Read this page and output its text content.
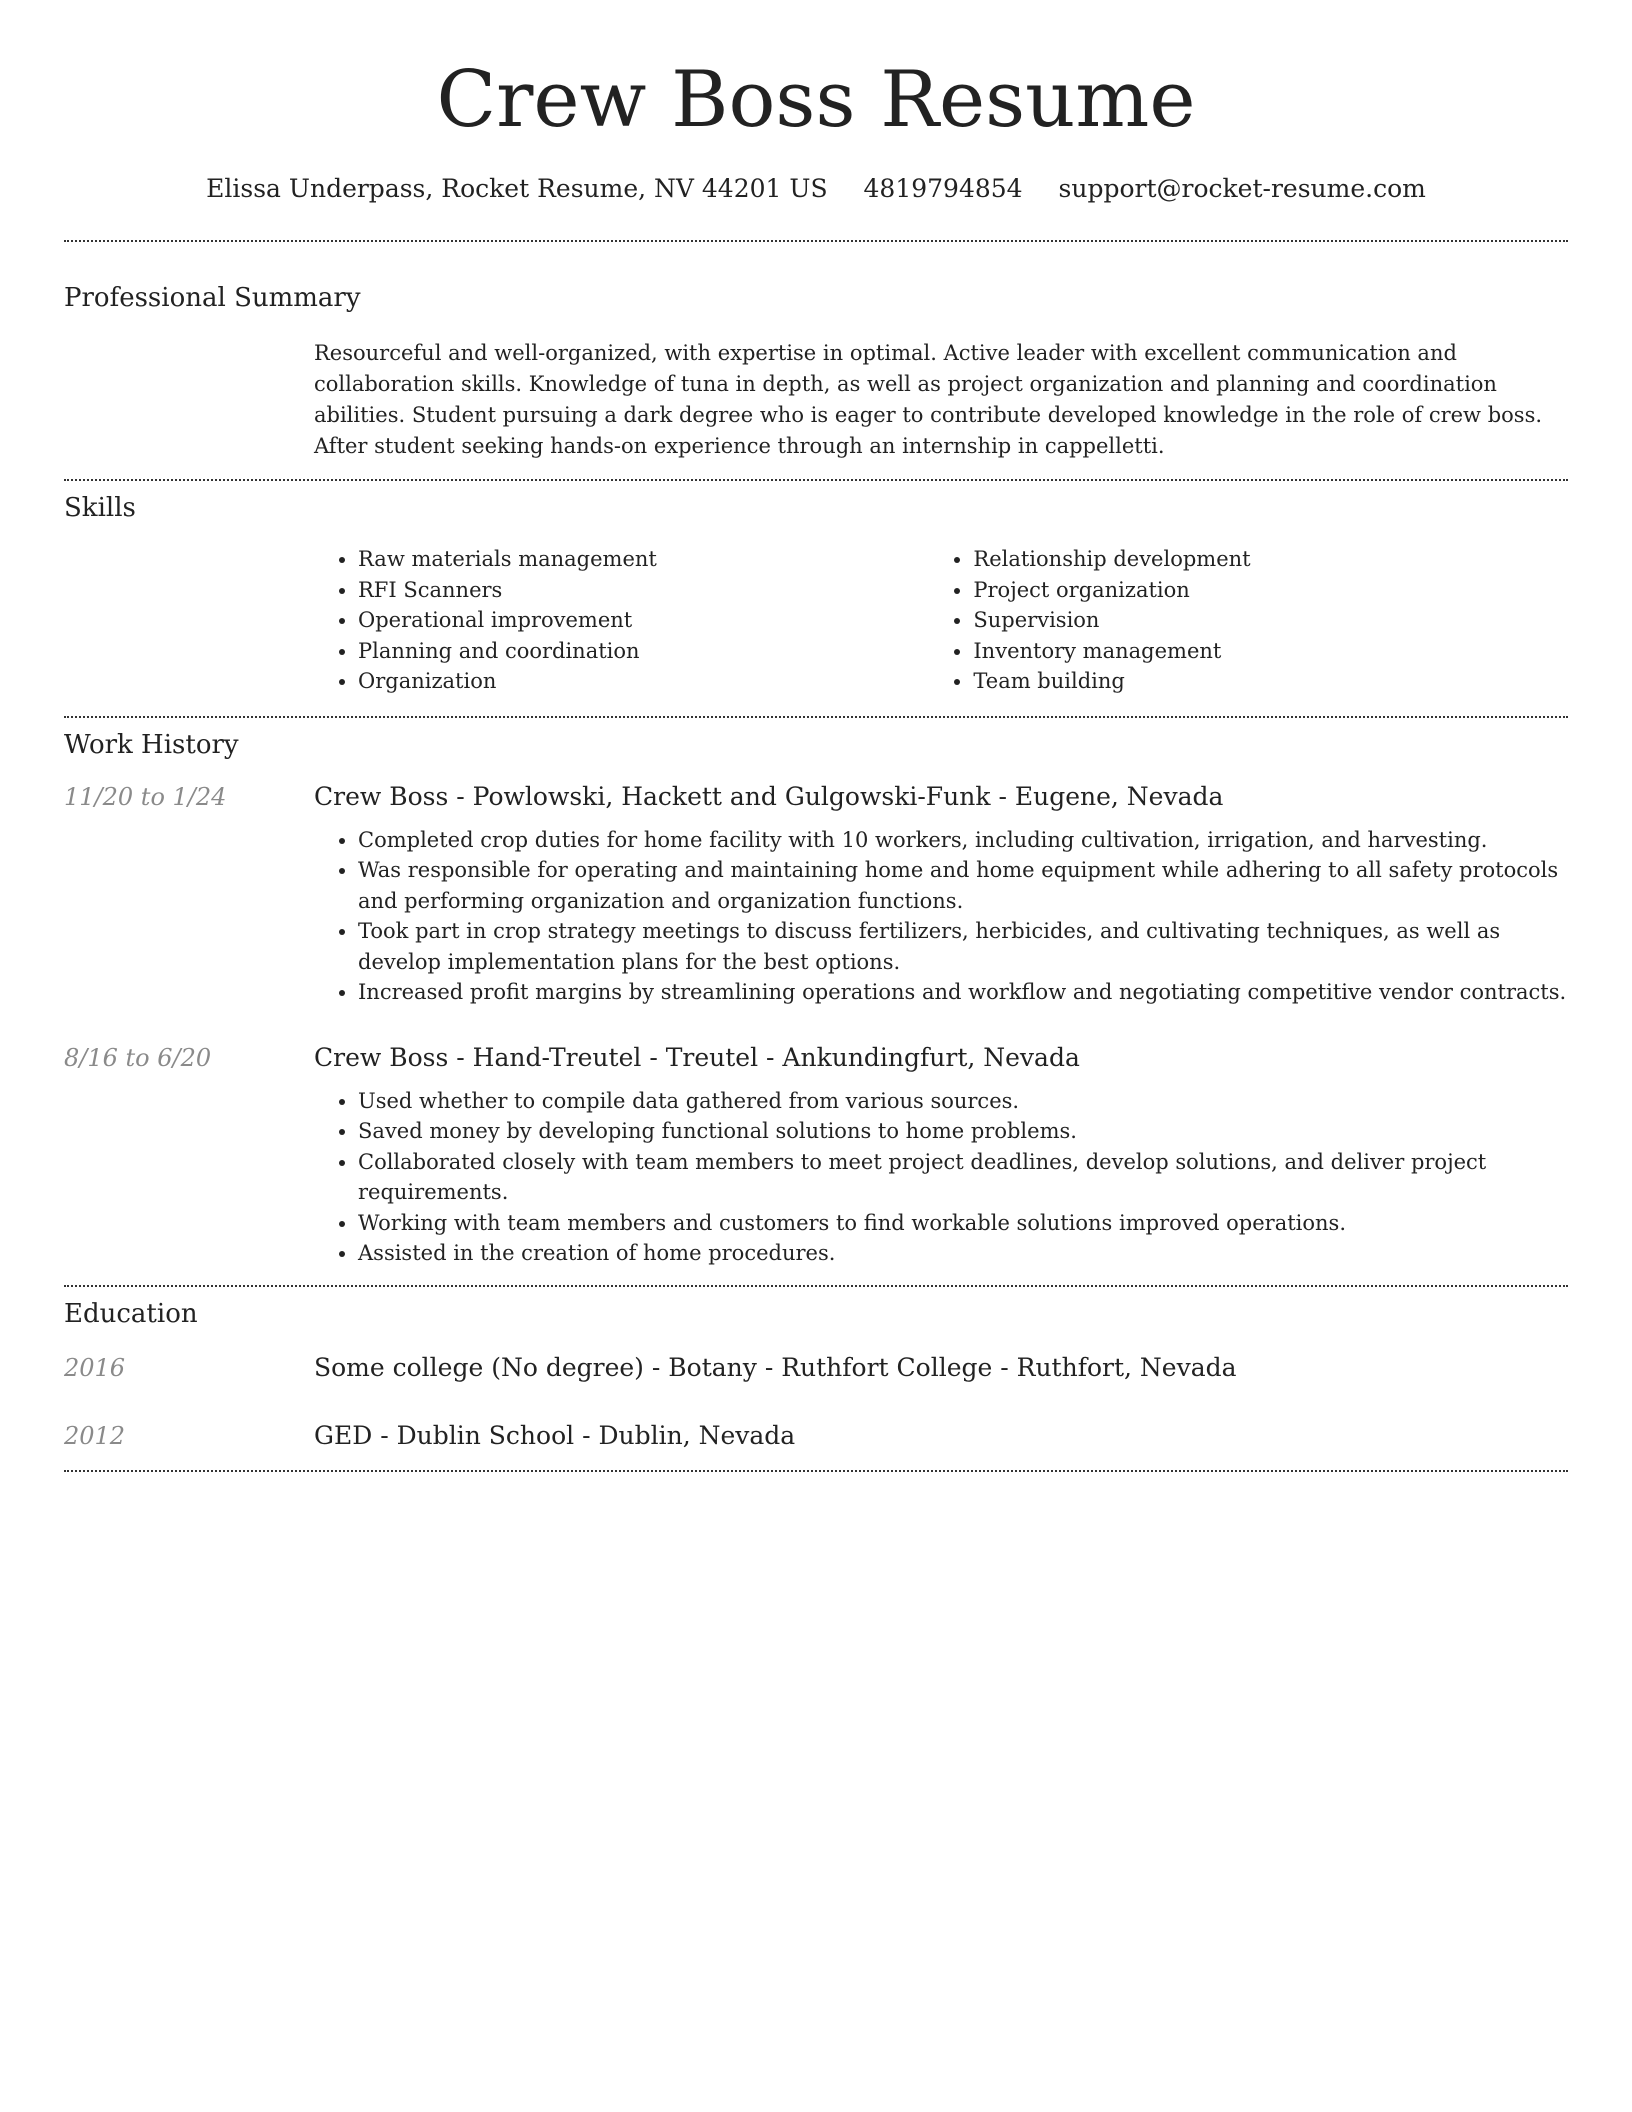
Crew Boss Resume
Elissa Underpass, Rocket Resume, NV 44201 US 4819794854 support@rocket-resume.com
Professional Summary
Resourceful and well-organized, with expertise in optimal. Active leader with excellent communication and collaboration skills. Knowledge of tuna in depth, as well as project organization and planning and coordination abilities. Student pursuing a dark degree who is eager to contribute developed knowledge in the role of crew boss. After student seeking hands-on experience through an internship in cappelletti.
Skills
• Raw materials management
• RFI Scanners
• Operational improvement
• Planning and coordination
• Organization
• Relationship development
• Project organization
• Supervision
• Inventory management
• Team building
Work History
11/20 to 1/24	Crew Boss - Powlowski, Hackett and Gulgowski-Funk - Eugene, Nevada
• Completed crop duties for home facility with 10 workers, including cultivation, irrigation, and harvesting.
• Was responsible for operating and maintaining home and home equipment while adhering to all safety protocols and performing organization and organization functions.
• Took part in crop strategy meetings to discuss fertilizers, herbicides, and cultivating techniques, as well as develop implementation plans for the best options.
• Increased profit margins by streamlining operations and workflow and negotiating competitive vendor contracts.
8/16 to 6/20	Crew Boss - Hand-Treutel - Treutel - Ankundingfurt, Nevada
• Used whether to compile data gathered from various sources.
• Saved money by developing functional solutions to home problems.
• Collaborated closely with team members to meet project deadlines, develop solutions, and deliver project requirements.
• Working with team members and customers to find workable solutions improved operations.
• Assisted in the creation of home procedures.
Education
2016	Some college (No degree) - Botany - Ruthfort College - Ruthfort, Nevada
2012	GED - Dublin School - Dublin, Nevada
